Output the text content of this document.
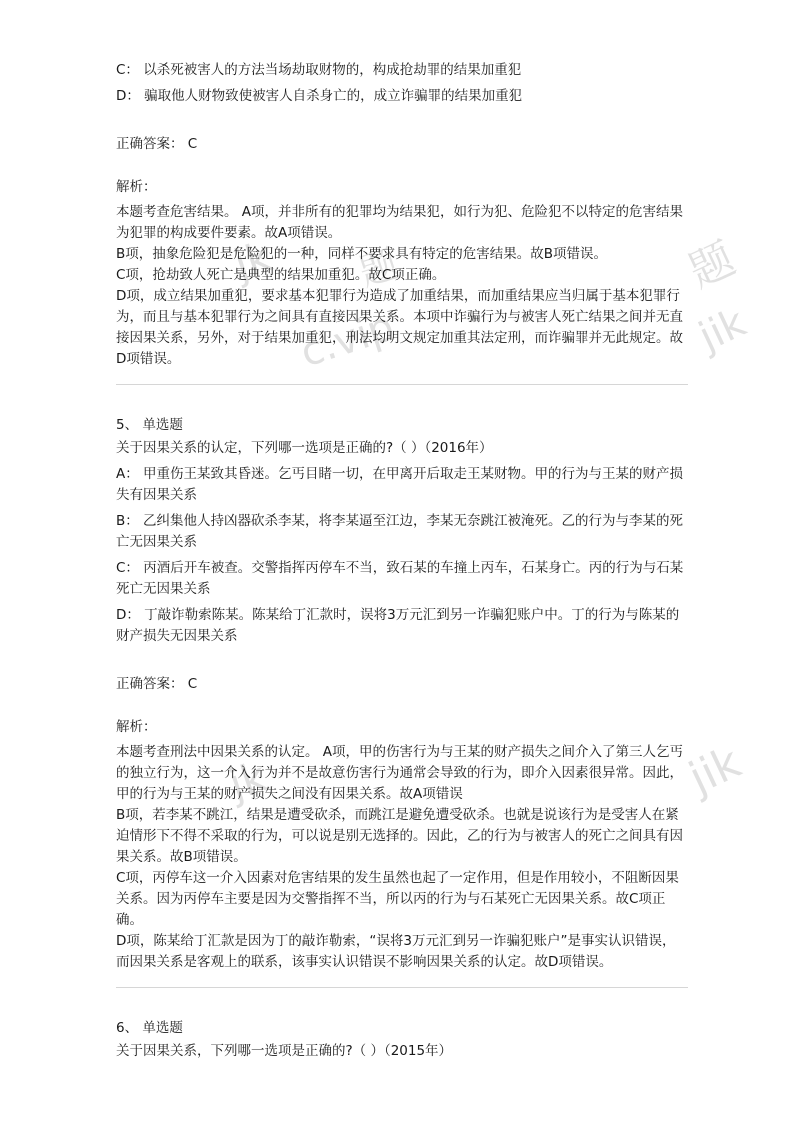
jk 题
c.vip
题
jik
jk	jik

C： 以杀死被害人的方法当场劫取财物的，构成抢劫罪的结果加重犯

D： 骗取他人财物致使被害人自杀身亡的，成立诈骗罪的结果加重犯

正确答案： C

解析：

本题考查危害结果。 A项，并非所有的犯罪均为结果犯，如行为犯、危险犯不以特定的危害结果为犯罪的构成要件要素。故A项错误。

B项，抽象危险犯是危险犯的一种，同样不要求具有特定的危害结果。故B项错误。

C项，抢劫致人死亡是典型的结果加重犯。故C项正确。

D项，成立结果加重犯，要求基本犯罪行为造成了加重结果，而加重结果应当归属于基本犯罪行为，而且与基本犯罪行为之间具有直接因果关系。本项中诈骗行为与被害人死亡结果之间并无直接因果关系，另外，对于结果加重犯，刑法均明文规定加重其法定刑，而诈骗罪并无此规定。故D项错误。

5、 单选题

关于因果关系的认定，下列哪一选项是正确的?（ ）（2016年）

A： 甲重伤王某致其昏迷。乞丐目睹一切，在甲离开后取走王某财物。甲的行为与王某的财产损失有因果关系

B： 乙纠集他人持凶器砍杀李某，将李某逼至江边，李某无奈跳江被淹死。乙的行为与李某的死亡无因果关系

C： 丙酒后开车被查。交警指挥丙停车不当，致石某的车撞上丙车，石某身亡。丙的行为与石某死亡无因果关系

D： 丁敲诈勒索陈某。陈某给丁汇款时，误将3万元汇到另一诈骗犯账户中。丁的行为与陈某的财产损失无因果关系

正确答案： C

解析：

本题考查刑法中因果关系的认定。 A项，甲的伤害行为与王某的财产损失之间介入了第三人乞丐的独立行为，这一介入行为并不是故意伤害行为通常会导致的行为，即介入因素很异常。因此，甲的行为与王某的财产损失之间没有因果关系。故A项错误

B项，若李某不跳江，结果是遭受砍杀，而跳江是避免遭受砍杀。也就是说该行为是受害人在紧迫情形下不得不采取的行为，可以说是别无选择的。因此，乙的行为与被害人的死亡之间具有因果关系。故B项错误。

C项，丙停车这一介入因素对危害结果的发生虽然也起了一定作用，但是作用较小，不阻断因果关系。因为丙停车主要是因为交警指挥不当，所以丙的行为与石某死亡无因果关系。故C项正确。

D项，陈某给丁汇款是因为丁的敲诈勒索，“误将3万元汇到另一诈骗犯账户”是事实认识错误，而因果关系是客观上的联系，该事实认识错误不影响因果关系的认定。故D项错误。

6、 单选题

关于因果关系，下列哪一选项是正确的?（ ）（2015年）
